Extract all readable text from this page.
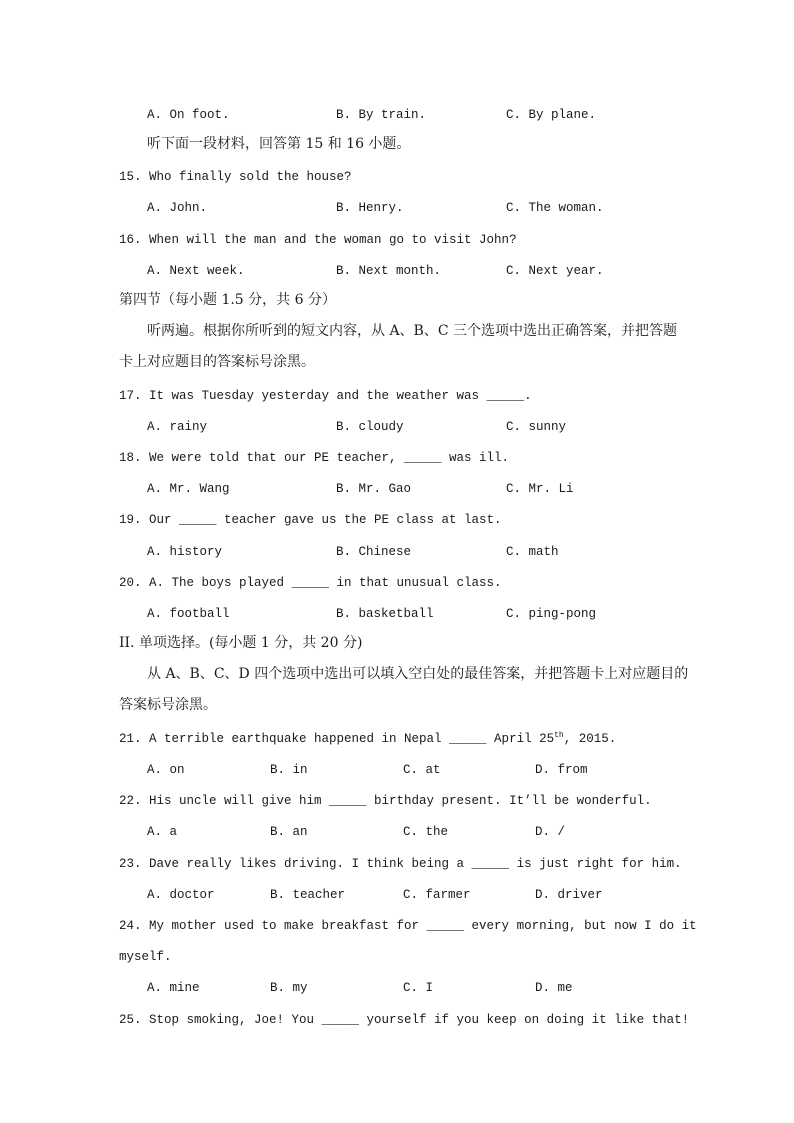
A. On foot.	B. By train.	C. By plane.
听下面一段材料，回答第 15 和 16 小题。
15. Who finally sold the house?
A. John.	B. Henry.	C. The woman.
16. When will the man and the woman go to visit John?
A. Next week.	B. Next month.	C. Next year.
第四节（每小题 1.5 分，共 6 分）
听两遍。根据你所听到的短文内容，从 A、B、C 三个选项中选出正确答案，并把答题
卡上对应题目的答案标号涂黑。
17. It was Tuesday yesterday and the weather was _____.
A. rainy	B. cloudy	C. sunny
18. We were told that our PE teacher, _____ was ill.
A. Mr. Wang	B. Mr. Gao	C. Mr. Li
19. Our _____ teacher gave us the PE class at last.
A. history	B. Chinese	C. math
20. A. The boys played _____ in that unusual class.
A. football	B. basketball	C. ping-pong
II. 单项选择。(每小题 1 分，共 20 分)
从 A、B、C、D 四个选项中选出可以填入空白处的最佳答案，并把答题卡上对应题目的
答案标号涂黑。
21. A terrible earthquake happened in Nepal _____ April 25th, 2015.
A. on	B. in	C. at	D. from
22. His uncle will give him _____ birthday present. It’ll be wonderful.
A. a	B. an	C. the	D. /
23. Dave really likes driving. I think being a _____ is just right for him.
A. doctor	B. teacher	C. farmer	D. driver
24. My mother used to make breakfast for _____ every morning, but now I do it
myself.
A. mine	B. my	C. I	D. me
25. Stop smoking, Joe! You _____ yourself if you keep on doing it like that!
